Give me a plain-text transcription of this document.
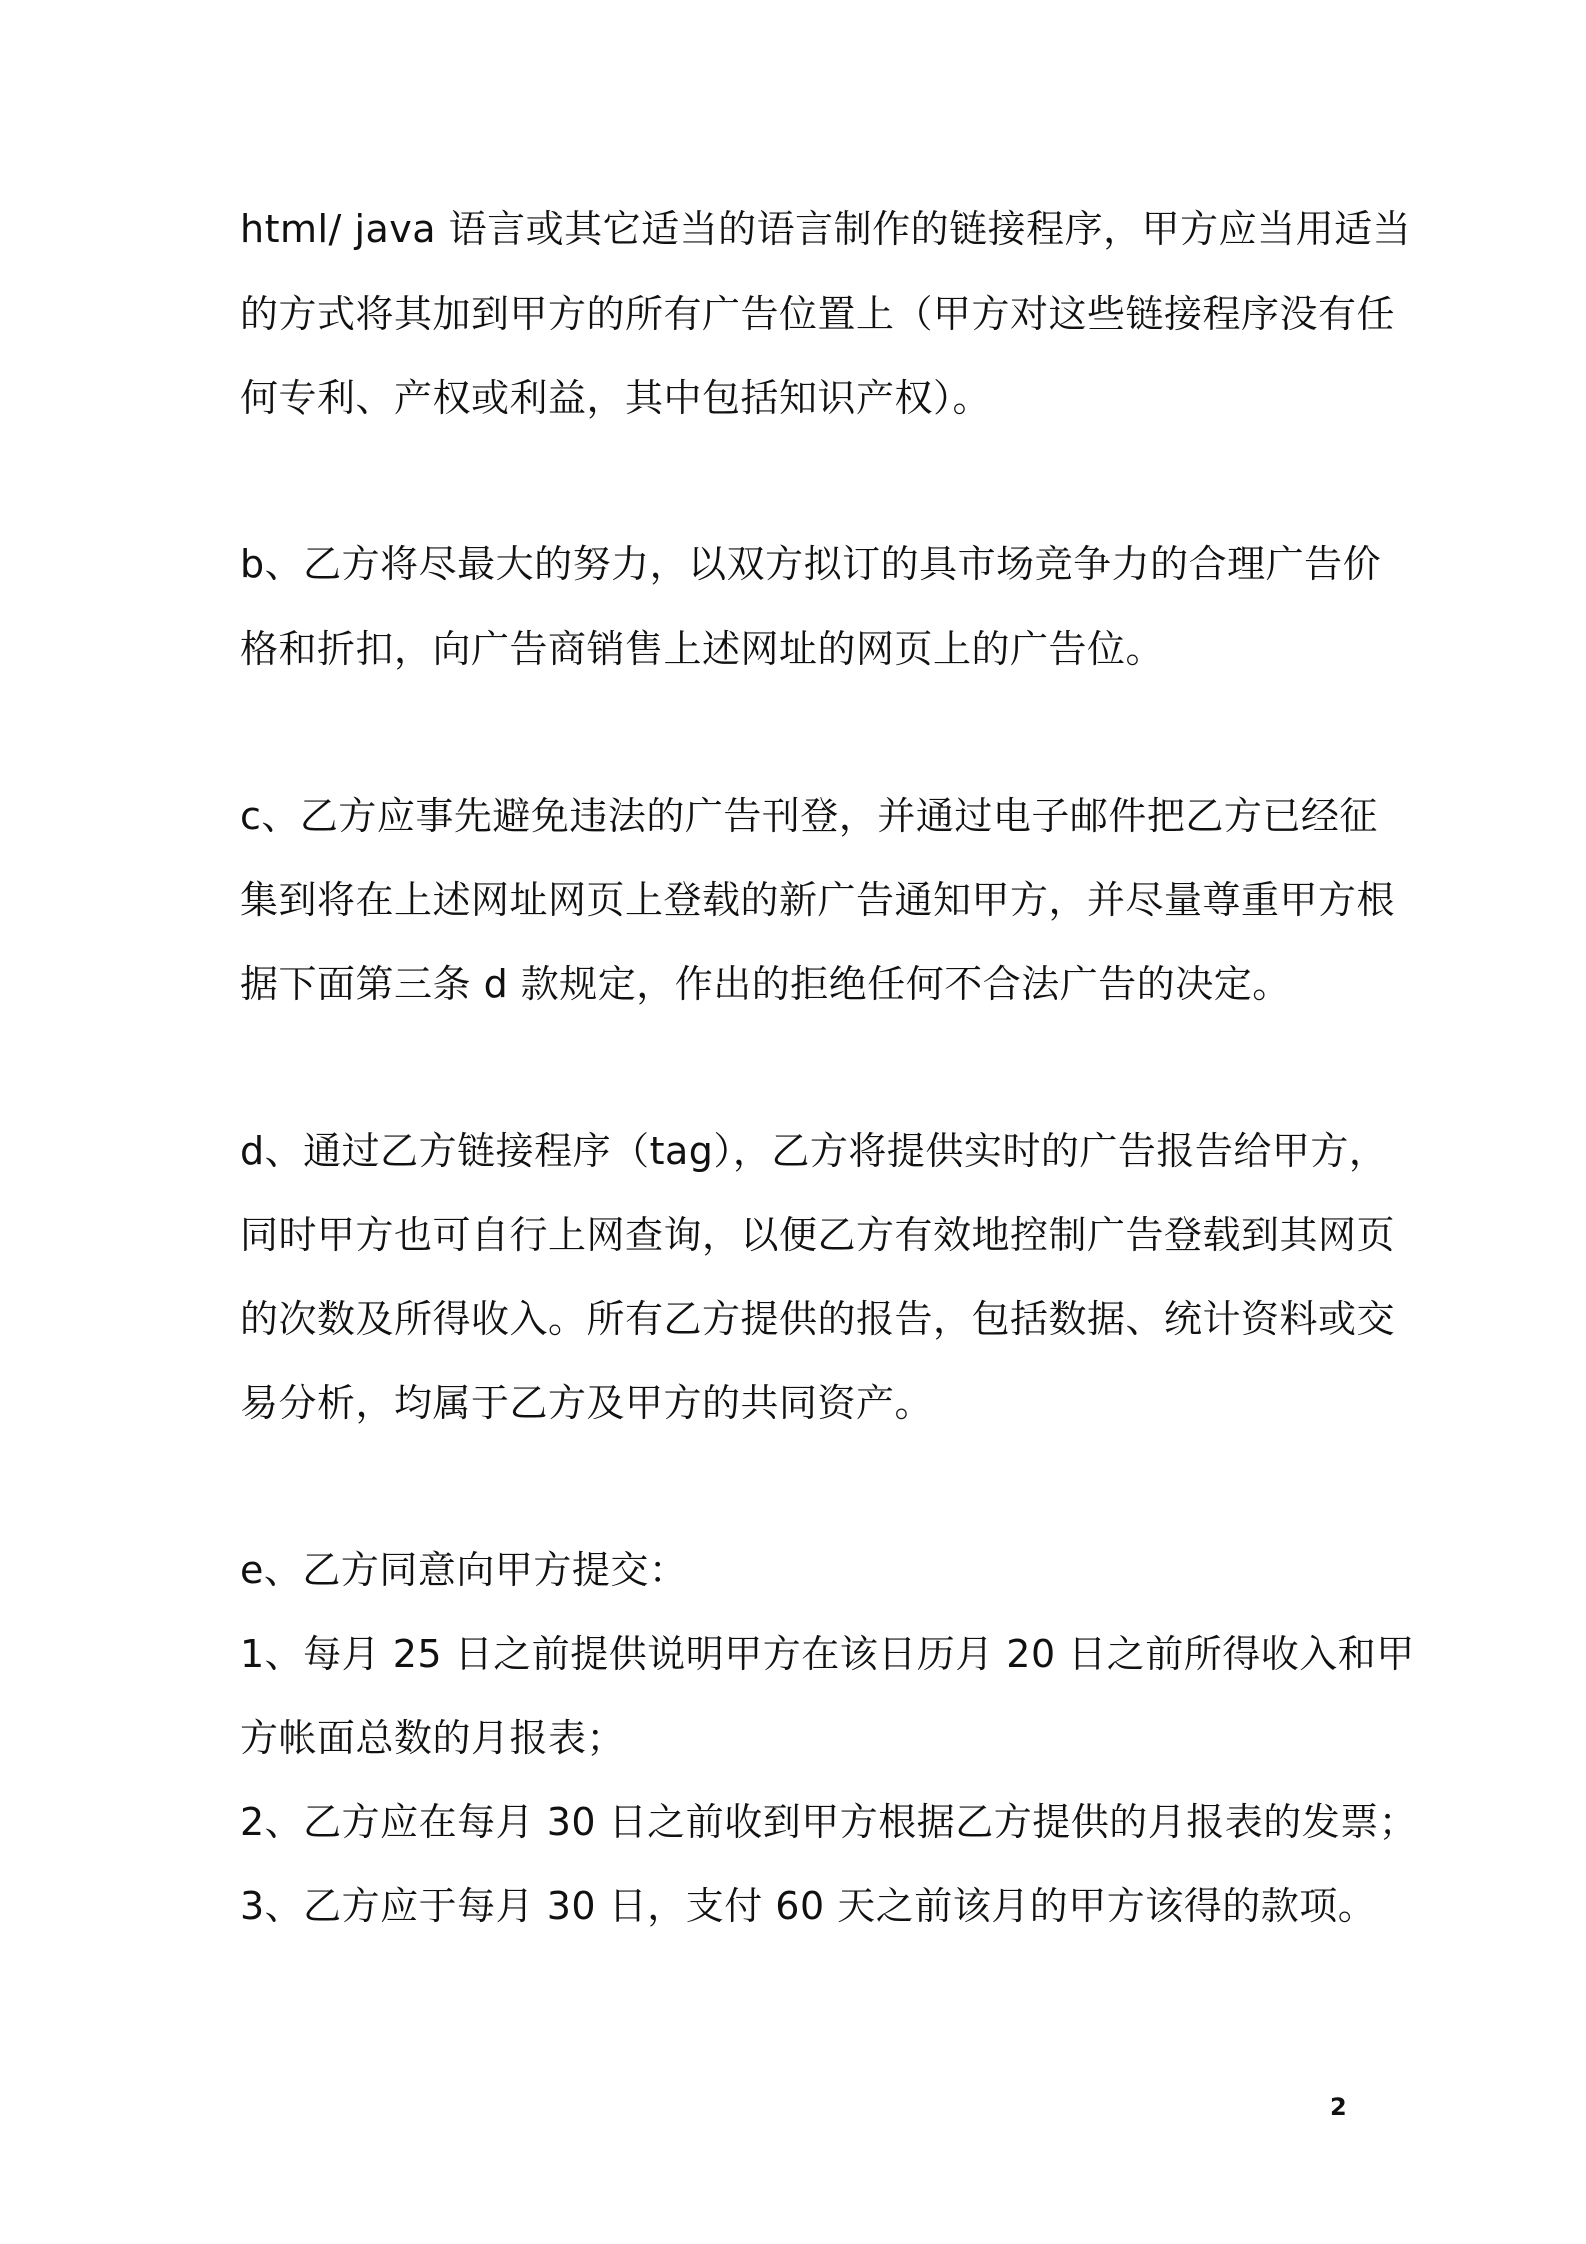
html/ java 语言或其它适当的语言制作的链接程序，甲方应当用适当
的方式将其加到甲方的所有广告位置上（甲方对这些链接程序没有任
何专利、产权或利益，其中包括知识产权）。
b、乙方将尽最大的努力，以双方拟订的具市场竞争力的合理广告价
格和折扣，向广告商销售上述网址的网页上的广告位。
c、乙方应事先避免违法的广告刊登，并通过电子邮件把乙方已经征
集到将在上述网址网页上登载的新广告通知甲方，并尽量尊重甲方根
据下面第三条 d 款规定，作出的拒绝任何不合法广告的决定。
d、通过乙方链接程序（tag），乙方将提供实时的广告报告给甲方，
同时甲方也可自行上网查询，以便乙方有效地控制广告登载到其网页
的次数及所得收入。所有乙方提供的报告，包括数据、统计资料或交
易分析，均属于乙方及甲方的共同资产。
e、乙方同意向甲方提交：
1、每月 25 日之前提供说明甲方在该日历月 20 日之前所得收入和甲
方帐面总数的月报表；
2、乙方应在每月 30 日之前收到甲方根据乙方提供的月报表的发票；
3、乙方应于每月 30 日，支付 60 天之前该月的甲方该得的款项。
2
